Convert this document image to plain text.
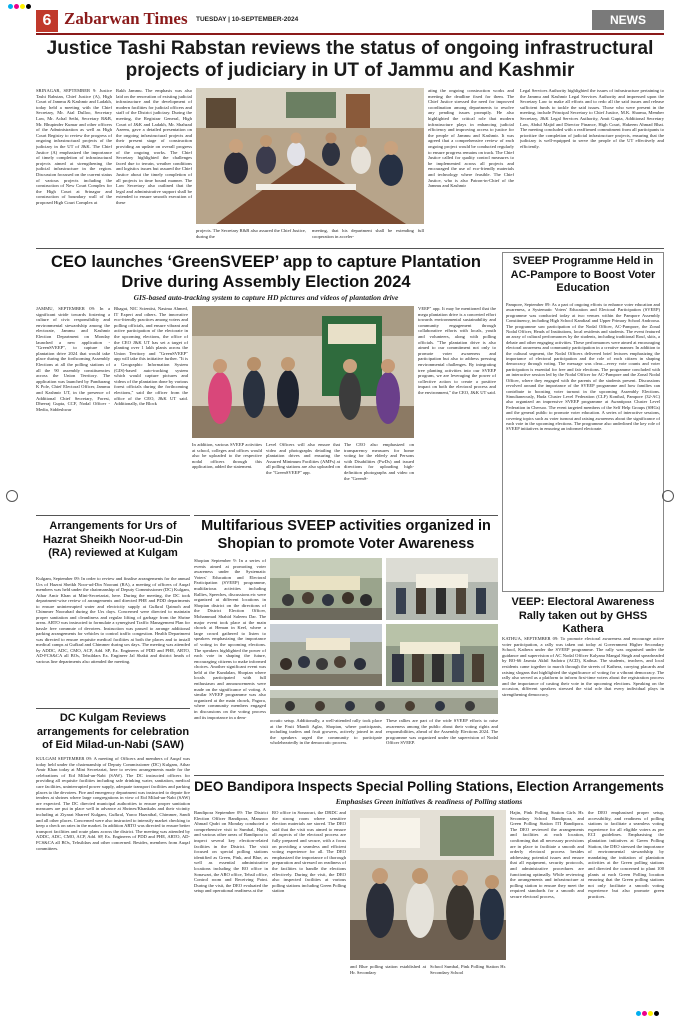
6 Zabarwan Times TUESDAY | 10-SEPTEMBER-2024	NEWS
Justice Tashi Rabstan reviews the status of ongoing infrastructural projects of judiciary in UT of Jammu and Kashmir
SRINAGAR, SEPTEMBER 9: Justice Tashi Rabstan, Chief Justice (A), High Court of Jammu & Kashmir and Ladakh, today held a meeting with the Chief Secretary, Mr. Atal Dulloo, Secretary Law, Mr. Achal Sethi, Secretary R&B, Mr. Bhupinder Kumar and other officers of the Administration as well as High Court Registry to review the progress of ongoing infrastructural projects of the judiciary in the UT of J&K. The Chief Justice (A) emphasized the importance of timely completion of infrastructural projects aimed at strengthening the judicial infrastructure in the region. Discussion focussed on the current status of various projects including the construction of New Court Complex for the High Court at Srinagar and construction of boundary wall of the proposed High Court Complex at
Rakh Jammu. The emphasis was also laid on the renovation of existing judicial infrastructure and the development of modern facilities for judicial officers and staff of the District judiciary. During the meeting, the Registrar General, High Court of J&K and Ladakh, Mr. Shahzad Azeem, gave a detailed presentation on the ongoing infrastructural projects and their present stage of construction providing an update on overall progress of the ongoing works. The Chief Secretary highlighted the challenges faced due to terrain, weather conditions and logistics issues but assured the Chief Justice about the timely completion of all projects in time bound manner. The Law Secretary also outlined that the legal and administrative support shall be extended to ensure smooth execution of these
projects. The Secretary R&B also assured the Chief Justice, during the
meeting, that his department shall be extending full cooperation in acceler-
ating the ongoing construction works and meeting the deadline fixed for them. The Chief Justice stressed the need for improved coordination among departments to resolve any pending issues promptly. He also highlighted the critical role that modern infrastructure plays in enhancing judicial efficiency and improving access to justice for the people of Jammu and Kashmir. It was agreed that a comprehensive review of each ongoing project would be conducted regularly to ensure progress remains on track. The Chief Justice called for quality control measures to be implemented across all projects and encouraged the use of eco-friendly materials and technology where feasible. The Chief Justice, who is also Patron-in-Chief of the Jammu and Kashmir
Legal Services Authority highlighted the issues of infrastructure pertaining to the Jammu and Kashmir Legal Services Authority and impressed upon the Secretary Law to make all efforts and to redo all the said issues and release sufficient funds to tackle the said issues. Those who were present in the meeting, include Principal Secretary to Chief Justice, M.K. Sharma, Member Secretary, J&K Legal Services Authority, Amit Gupta, Additional Secretary Law, Abdul Majid and Director Finance, High Court, Hakeem Ahmad Bhat. The meeting concluded with a reaffirmed commitment from all participants to prioritize the completion of judicial infrastructure projects, ensuring that the judiciary is well-equipped to serve the people of the UT effectively and efficiently.
CEO launches ‘GreenSVEEP’ app to capture Plantation Drive during Assembly Election 2024
GIS-based auto-tracking system to capture HD pictures and videos of plantation drive
JAMMU, SEPTEMBER 09: In a significant stride towards fostering a culture of civic responsibility and environmental stewardship among the electorate, Jammu and Kashmir Election Department on Monday launched a new application - "GreenSVEEP", to capture the plantation drive 2024 that would take place during the forthcoming Assembly Elections at all the polling stations of all the 90 assembly constituencies across the Union Territory. The application was launched by Pandurang K Pole, Chief Electoral Officer, Jammu and Kashmir UT, in the presence of Additional Chief Secretary, Forest, Dheeraj Gupta, CCF, Nodal Officer -Media, Siddeshwar
Bhagat, NIC Scientist, Nasima Ahmed, IT Expert and others. The innovative eco-friendly practices among voters and polling officials, and ensure vibrant and active participation of the electorate in the upcoming elections, the office of the CEO J&K UT has set a target of planting over 1 lakh plants across the Union Territory and "GreenSVEEP" app will take this initiative further. "It is a Geographic Information System (GIS)-based auto-tracking system which would capture pictures and videos of the plantation done by various forest officials during the forthcoming elections," said the officer from the office of the CEO, J&K UT said. Additionally, the Block
In addition, various SVEEP activities at school, colleges and offices would also be uploaded to the respective nodal officers through this application, added the statement.
Level Officers will also ensure that video and photographs detailing the plantation drives and ensuring the Assured Minimum Facilities (AMFs) at all polling stations are also uploaded on the "GreenSVEEP" app.
The CEO also emphasized on transparency measures for home voting for the elderly and Persons with Disabilities (PwDs) and issued directions for uploading high-definition photographs and video on the "GreenS-
VEEP" app. It may be mentioned that the mega plantation drive is a concerted effort towards environmental sustainability and community engagement through collaborative efforts with locals, youth and volunteers, along with polling officials. "The plantation drive is also aimed to our commitment not only to promote voter awareness and participation but also to address pressing environmental challenges. By integrating tree planting activities into our SVEEP program, we are leveraging the power of collective action to create a positive impact on both the electoral process and the environment," the CEO, J&K UT said.
SVEEP Programme Held in AC-Pampore to Boost Voter Education
Pampore, September 09: As a part of ongoing efforts to enhance voter education and awareness, a Systematic Voters' Education and Electoral Participation (SVEEP) programme was conducted today at two venues within the Pampore Assembly Constituency, including High School Kandizal and Upper Primary School Androosa. The programme saw participation of the Nodal Officer, AC-Pampore, the Zonal Nodal Officer, Heads of Institutions, local residents and students. The event featured an array of cultural performances by the students, including traditional Rouf, skits, a debate and other engaging activities. These performances were aimed at encouraging electoral awareness and community participation in a creative manner. In addition to the cultural segment, the Nodal Officers delivered brief lectures emphasizing the importance of electoral participation and the role of each citizen in shaping democracy through voting. The message was clear—every vote counts and voter participation is essential for free and fair elections. The programme concluded with an interactive session led by the Nodal Officer for AC-Pampore and the Zonal Nodal Officer, where they engaged with the parents of the students present. Discussions revolved around the importance of the SVEEP programme and how families can contribute to boosting voter turnout in the upcoming Assembly Elections. Simultaneously, Huda Cluster Level Federation (CLF) Konibal, Pampore (32-AC) also organized an impressive SVEEP programme at Awantipora Cluster Level Federation in Chersoo. The event targeted members of the Self Help Groups (SHGs) and the general public to promote voter education. A series of interactive sessions, covering topics such as voter turnout and raising awareness about the significance of each vote in the upcoming elections. The programme also underlined the key role of SVEEP initiatives in ensuring an informed electorate.
VEEP: Electoral Awareness Rally taken out by GHSS Kathera
KATHUA, SEPTEMBER 09: To promote electoral awareness and encourage active voter participation, a rally was taken out today at Government Higher Secondary School, Kathera under the SVEEP programme. The rally was organised under the guidance and supervision of AC Nodal Officer Kalyana Mangal Singh and spearheaded by BO-66 Jasmia Akhil Sadotra (ACD), Kathua. The students, teachers, and local residents came together to march through the streets of Kathera, carrying placards and raising slogans that highlighted the significance of voting for a vibrant democracy. The rally also served as a platform to inform first-time voters about the registration process and the importance of casting their vote in the upcoming elections. Speaking on the occasion, different speakers stressed the vital role that every individual plays in strengthening democracy.
Arrangements for Urs of Hazrat Sheikh Noor-ud-Din (RA) reviewed at Kulgam
Kulgam, September 09: In order to review and finalise arrangements for the annual Urs of Hazrat Sheikh Noor-ud-Din Noorani (RA), a meeting of officers of Auqaf members was held under the chairmanship of Deputy Commissioner (DC) Kulgam, Athar Amir Khan at Mini-Secretariat, here. During the meeting, the DC took department-wise review of arrangements and directed PHE and PDD departments to ensure uninterrupted water and electricity supply at Gufkral Qaimoh and Chimmer Noorabad during the Urs days. Concerned were directed to maintain proper sanitation and cleanliness and regular lifting of garbage from the Shrine areas. ARTO was instructed to formulate a synergised Traffic Management Plan for hassle free commute of devotees. Instruction was passed to arrange additional parking arrangements for vehicles to control traffic congestion. Health Department was directed to ensure requisite medical facilities at both the places and to install medical camps at Gufkral and Chimmer during urs days. The meeting was attended by ADDC, ADC, CMO, ACP, Add. SP, Ex. Engineers of PDD and PHE, ARTO, AD-FCS&CA all BOs, Tehsildars Ex. Engineer Jal Shakti and district heads of various line departments also attended the meeting.
DC Kulgam Reviews arrangements for celebration of Eid Milad-un-Nabi (SAW)
KULGAM SEPTEMBER 09: A meeting of Officers and members of Auqaf was today held under the chairmanship of Deputy Commissioner (DC) Kulgam, Athar Amir Khan today at Mini Secretariat, here to review arrangements made for the celebrations of Eid Milad-un-Nabi (SAW). The DC instructed officers for providing all requisite facilities including safe drinking water, sanitation, medical care facilities, uninterrupted power supply, adequate transport facilities and parking places to the devotees. Fire and emergency department was instructed to depute fire tenders at shrines where large congregations in view of Eid Milad-un-Nabi (SAW) are expected. The DC directed municipal authorities to ensure proper sanitation measures are put in place well in advance at Shrines/Khankahs and their vicinity including at Ziyarat Shareef Kulgam, Gufkral, Yaroo Hazratbal, Chimmer, Sandi and all other places. Concerned were also instructed to intensify market checking to keep a check on rates in the market. In addition ARTO was directed to ensure better transport facilities and route plans across the district. The meeting was attended by ADDC, ADC, CMO, ACP, Add. SP, Ex. Engineers of PDD and PHE, ARTO, AD-FCS&CA all BOs, Tehsildars and other concerned. Besides, members from Auqaf committees.
Multifarious SVEEP activities organized in Shopian to promote Voter Awareness
Shopian September 9: In a series of events aimed at promoting voter awareness under the Systematic Voters' Education and Electoral Participation (SVEEP) programme, multifarious activities including Rallies, Speeches, discussions etc were organized at different locations in Shopian district on the directions of the District Election Officer, Mohammad Shahid Saleem Dar. The major event took place at the main chowk at Heman in Keel, where a large crowd gathered to listen to speakers emphasizing the importance of voting in the upcoming elections. The speakers highlighted the power of each vote in shaping the future, encouraging citizens to make informed choices. Another significant event was held at the Kundalan, Shopian where locals participated with full enthusiasm and announcements were made on the significance of voting. A similar SVEEP programme was also organized at the main chowk, Pagora, where community members engaged in discussions on the voting process and its importance in a dem-
ocratic setup. Additionally, a well-attended rally took place at the Fruit Mandi Aglar, Shopian, where participants, including traders and fruit growers, actively joined in and the speakers urged the community to participate wholeheartedly in the democratic process.
These rallies are part of the wide SVEEP efforts to raise awareness among the public about their voting rights and responsibilities, ahead of the Assembly Elections 2024. The programme was organized under the supervision of Nodal Officer SVEEP.
DEO Bandipora Inspects Special Polling Stations, Election Arrangements
Emphasises Green initiatives & readiness of Polling stations
Bandipora September 09: The District Election Officer Bandipora, Manzoor Ahmad Qadri on Monday conducted a comprehensive visit to Sumbal, Hajin, and various other areas of Bandipora to inspect several key election-related facilities in the District. The visit focused on special polling stations identified as Green, Pink, and Blue, as well as essential administrative locations including the RO office in Sonawari, the ARO office, Tehsil office, Control room and Receiving Point. During the visit, the DEO evaluated the setup and operational readiness at the
RO office in Sonawari, the DRDC and the strong room where sensitive election materials are stored. The DEO said that the visit was aimed to ensure all aspects of the electoral process are fully prepared and secure, with a focus on providing a seamless and efficient voting experience for all. The DEO emphasized the importance of thorough preparation and stressed on readiness of the facilities to handle the elections effectively. During the visit, the DEO also inspected facilities at various polling stations including Green Polling station
and Blue polling station established at Hr. Secondary
School Sumbal, Pink Polling Station Hr. Secondary School
Hajin, Pink Polling Station Girls Hr. Secondary School Bandipora, and Green Polling Station ITI Bandipora. The DEO reviewed the arrangements and facilities at each location, confirming that all necessary provisions are in place to facilitate a smooth and orderly electoral process besides addressing potential issues and ensure that all equipment, security protocols, and administrative procedures are functioning optimally. While reviewing the arrangements and infrastructure at polling station to ensure they meet the required standards for a smooth and secure electoral process,
the DEO emphasised proper setup, accessibility, and readiness of polling stations to facilitate a seamless voting experience for all eligible voters as per ECI guidelines. Emphasising the plantation initiatives at Green Polling Station, the DEO stressed the importance of environmental stewardship by mandating the initiation of plantation activities at the Green polling stations and directed the concerned to plant 100 plants at each Green Polling location ensuring that the Green polling stations not only facilitate a smooth voting experience but also promote green practices.
